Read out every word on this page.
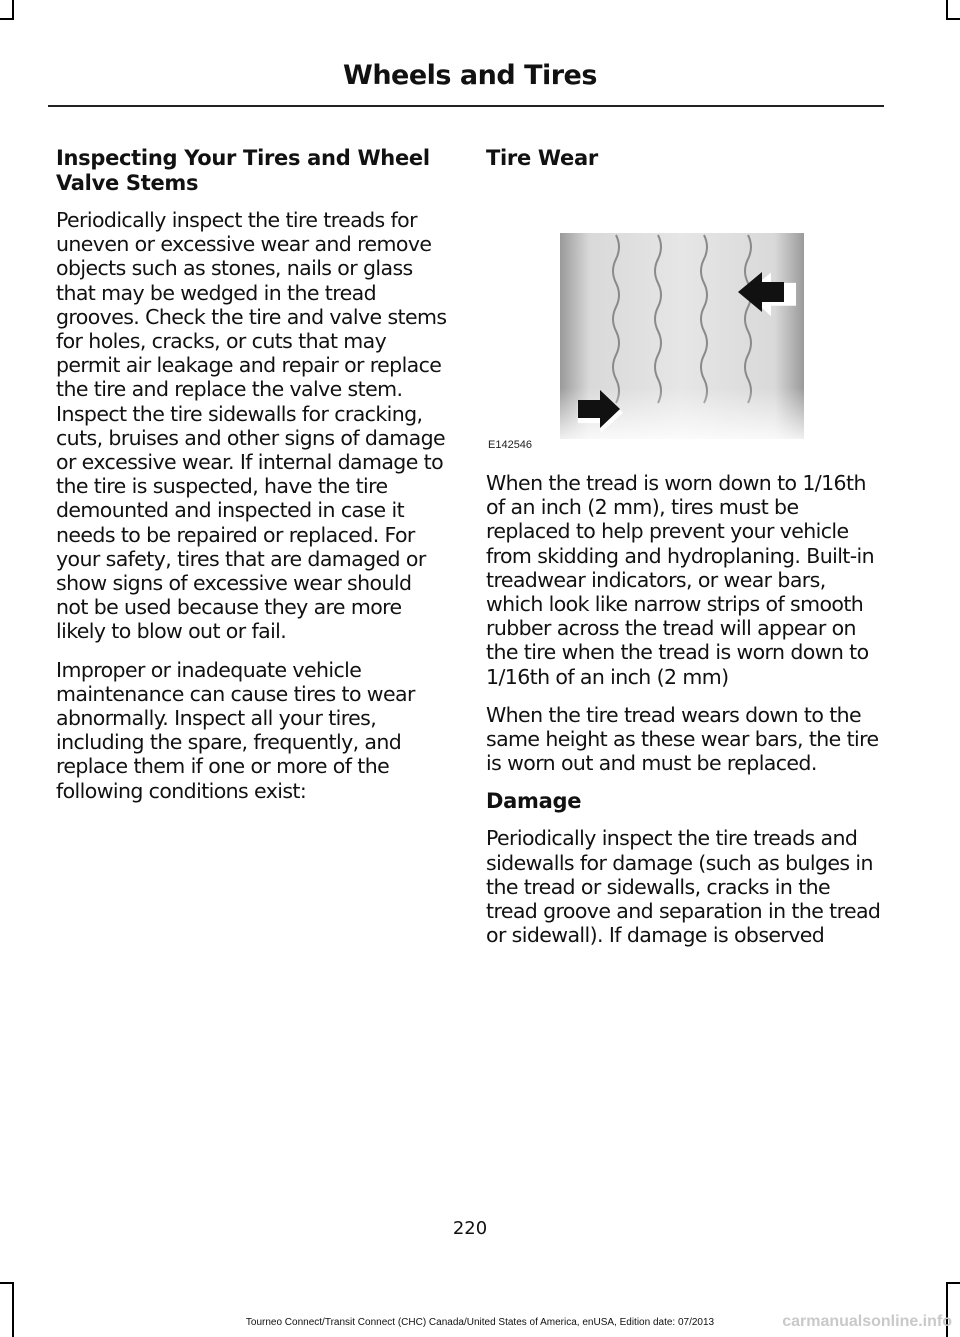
Wheels and Tires
Inspecting Your Tires and Wheel Valve Stems

Periodically inspect the tire treads for uneven or excessive wear and remove objects such as stones, nails or glass that may be wedged in the tread grooves. Check the tire and valve stems for holes, cracks, or cuts that may permit air leakage and repair or replace the tire and replace the valve stem. Inspect the tire sidewalls for cracking, cuts, bruises and other signs of damage or excessive wear. If internal damage to the tire is suspected, have the tire demounted and inspected in case it needs to be repaired or replaced. For your safety, tires that are damaged or show signs of excessive wear should not be used because they are more likely to blow out or fail.

Improper or inadequate vehicle maintenance can cause tires to wear abnormally. Inspect all your tires, including the spare, frequently, and replace them if one or more of the following conditions exist:

Tire Wear
E142546

When the tread is worn down to 1/16th of an inch (2 mm), tires must be replaced to help prevent your vehicle from skidding and hydroplaning. Built-in treadwear indicators, or wear bars, which look like narrow strips of smooth rubber across the tread will appear on the tire when the tread is worn down to 1/16th of an inch (2 mm)

When the tire tread wears down to the same height as these wear bars, the tire is worn out and must be replaced.

Damage

Periodically inspect the tire treads and sidewalls for damage (such as bulges in the tread or sidewalls, cracks in the tread groove and separation in the tread or sidewall). If damage is observed

220
Tourneo Connect/Transit Connect (CHC) Canada/United States of America, enUSA, Edition date: 07/2013	carmanualsonline.info
